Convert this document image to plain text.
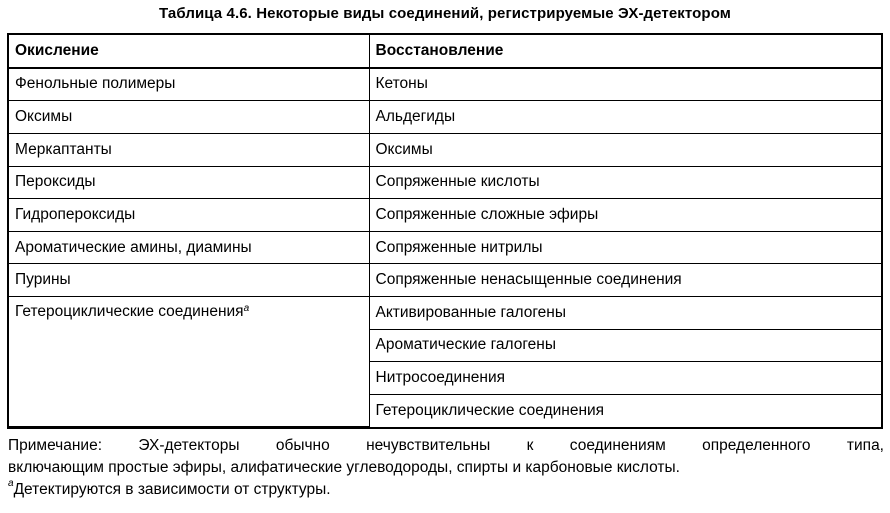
Таблица 4.6. Некоторые виды соединений, регистрируемые ЭХ-детектором
Окисление	Восстановление
Фенольные полимеры	Кетоны
Оксимы	Альдегиды
Меркаптанты	Оксимы
Пероксиды	Сопряженные кислоты
Гидропероксиды	Сопряженные сложные эфиры
Ароматические амины, диамины	Сопряженные нитрилы
Пурины	Сопряженные ненасыщенные соединения
Гетероциклические соединения$^a$	Активированные галогены
	Ароматические галогены
	Нитросоединения
	Гетероциклические соединения
Примечание: ЭХ-детекторы обычно нечувствительны к соединениям определенного типа,
включающим простые эфиры, алифатические углеводороды, спирты и карбоновые кислоты.
$^a$Детектируются в зависимости от структуры.
